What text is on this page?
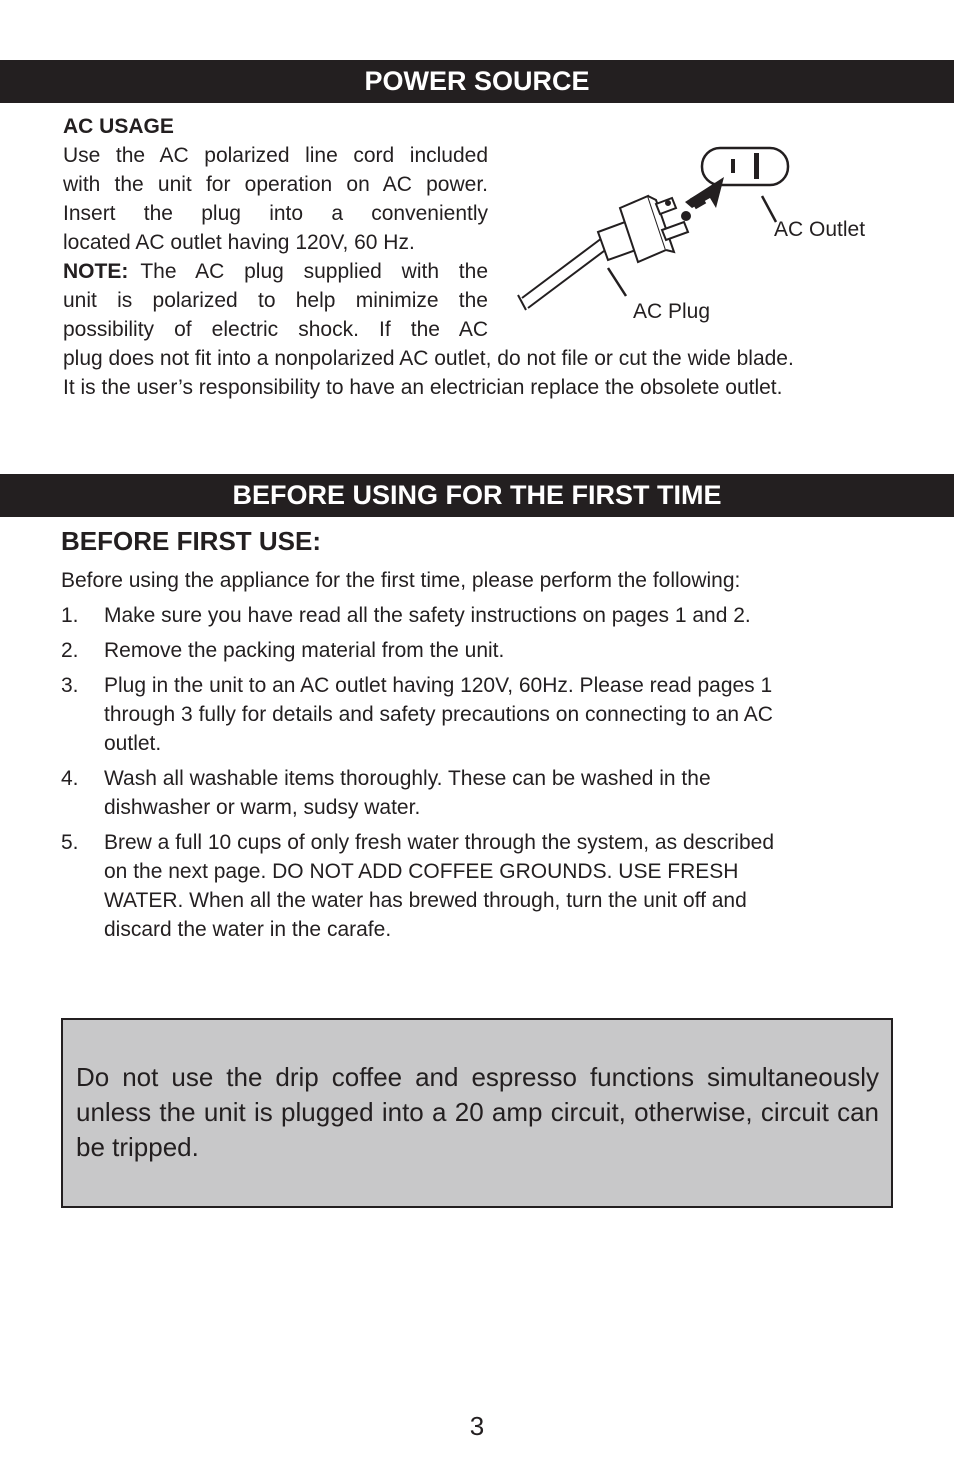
POWER SOURCE
AC USAGE
Use the AC polarized line cord included
with the unit for operation on AC power.
Insert the plug into a conveniently
located AC outlet having 120V, 60 Hz.
NOTE: The AC plug supplied with the
unit is polarized to help minimize the
possibility of electric shock. If the AC
plug does not fit into a nonpolarized AC outlet, do not file or cut the wide blade.
It is the user’s responsibility to have an electrician replace the obsolete outlet.
AC Outlet
AC Plug
BEFORE USING FOR THE FIRST TIME
BEFORE FIRST USE:
Before using the appliance for the first time, please perform the following:
1. Make sure you have read all the safety instructions on pages 1 and 2.
2. Remove the packing material from the unit.
3. Plug in the unit to an AC outlet having 120V, 60Hz. Please read pages 1
through 3 fully for details and safety precautions on connecting to an AC
outlet.
4. Wash all washable items thoroughly. These can be washed in the
dishwasher or warm, sudsy water.
5. Brew a full 10 cups of only fresh water through the system, as described
on the next page. DO NOT ADD COFFEE GROUNDS. USE FRESH
WATER. When all the water has brewed through, turn the unit off and
discard the water in the carafe.
Do not use the drip coffee and espresso functions simultaneously unless the unit is plugged into a 20 amp circuit, otherwise, circuit can be tripped.
3
